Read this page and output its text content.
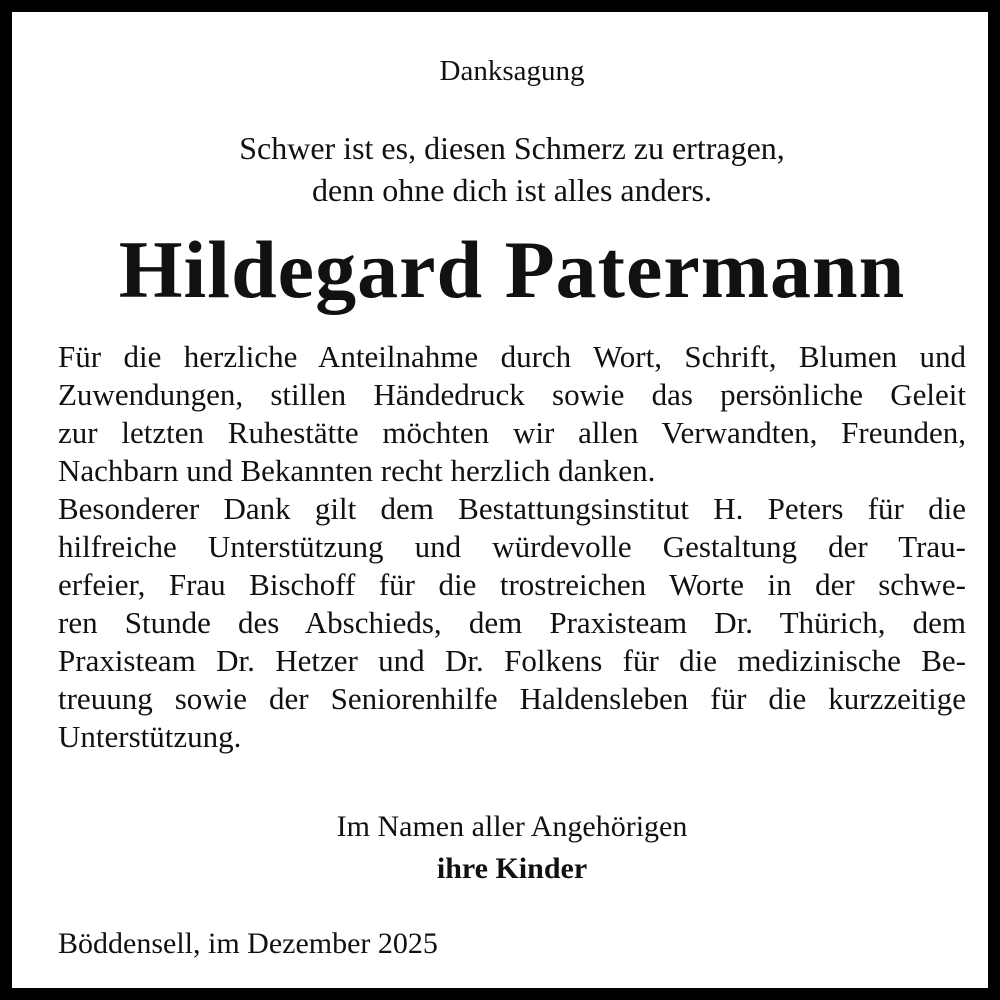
Danksagung
Schwer ist es, diesen Schmerz zu ertragen,
denn ohne dich ist alles anders.
Hildegard Patermann
Für die herzliche Anteilnahme durch Wort, Schrift, Blumen und
Zuwendungen, stillen Händedruck sowie das persönliche Geleit
zur letzten Ruhestätte möchten wir allen Verwandten, Freunden,
Nachbarn und Bekannten recht herzlich danken.
Besonderer Dank gilt dem Bestattungsinstitut H. Peters für die
hilfreiche Unterstützung und würdevolle Gestaltung der Trau-
erfeier, Frau Bischoff für die trostreichen Worte in der schwe-
ren Stunde des Abschieds, dem Praxisteam Dr. Thürich, dem
Praxisteam Dr. Hetzer und Dr. Folkens für die medizinische Be-
treuung sowie der Seniorenhilfe Haldensleben für die kurzzeitige
Unterstützung.
Im Namen aller Angehörigen
ihre Kinder
Böddensell, im Dezember 2025
